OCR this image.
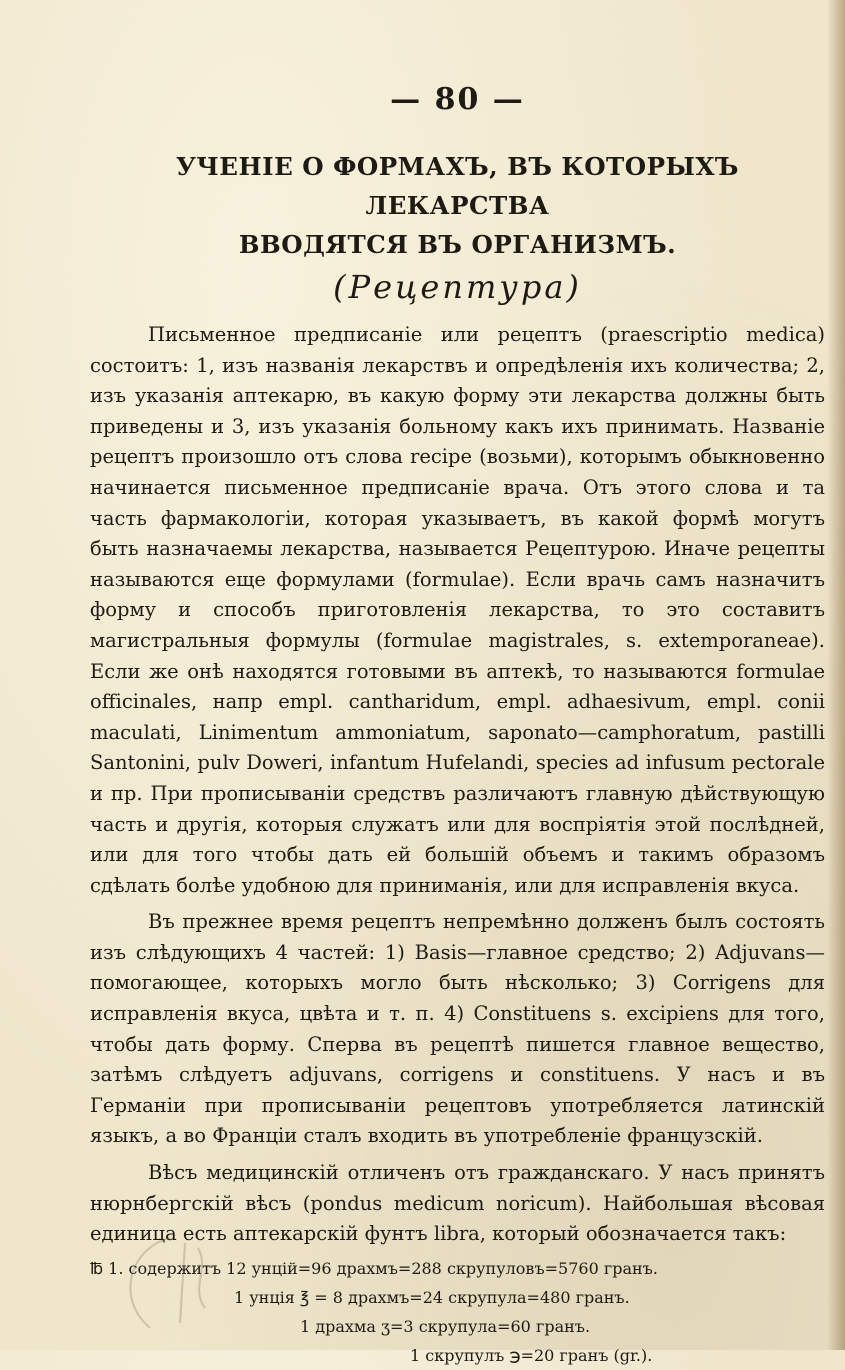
— 80 —
УЧЕНІЕ О ФОРМАХЪ, ВЪ КОТОРЫХЪ ЛЕКАРСТВА
ВВОДЯТСЯ ВЪ ОРГАНИЗМЪ.
(Рецептура)

Письменное предписаніе или рецептъ (praescriptio medica) состоитъ: 1, изъ названія лекарствъ и опредѣленія ихъ количества; 2, изъ указанія аптекарю, въ какую форму эти лекарства должны быть приведены и 3, изъ указанія больному какъ ихъ принимать. Названіе рецептъ произошло отъ слова recipe (возьми), которымъ обыкновенно начинается письменное предписаніе врача. Отъ этого слова и та часть фармакологіи, которая указываетъ, въ какой формѣ могутъ быть назначаемы лекарства, называется Рецептурою. Иначе рецепты называются еще формулами (formulae). Если врачь самъ назначитъ форму и способъ приготовленія лекарства, то это составитъ магистральныя формулы (formulae magistrales, s. extemporaneae). Если же онѣ находятся готовыми въ аптекѣ, то называются formulae officinales, напр empl. cantharidum, empl. adhaesivum, empl. conii maculati, Linimentum ammoniatum, saponato—camphoratum, pastilli Santonini, pulv Doweri, infantum Hufelandi, species ad infusum pectorale и пр. При прописываніи средствъ различаютъ главную дѣйствующую часть и другія, которыя служатъ или для воспріятія этой послѣдней, или для того чтобы дать ей большій объемъ и такимъ образомъ сдѣлать болѣе удобною для приниманія, или для исправленія вкуса.

Въ прежнее время рецептъ непремѣнно долженъ былъ состоять изъ слѣдующихъ 4 частей: 1) Basis—главное средство; 2) Adjuvans—помогающее, которыхъ могло быть нѣсколько; 3) Corrigens для исправленія вкуса, цвѣта и т. п. 4) Constituens s. excipiens для того, чтобы дать форму. Сперва въ рецептѣ пишется главное вещество, затѣмъ слѣдуетъ adjuvans, corrigens и constituens. У насъ и въ Германіи при прописываніи рецептовъ употребляется латинскій языкъ, а во Франціи сталъ входить въ употребленіе французскій.

Вѣсъ медицинскій отличенъ отъ гражданскаго. У насъ принятъ нюрнбергскій вѣсъ (pondus medicum noricum). Найбольшая вѣсовая единица есть аптекарскій фунтъ libra, который обозначается такъ:

℔ 1. содержитъ 12 унцій=96 драхмъ=288 скрупуловъ=5760 гранъ.
1 унція ℥ = 8 драхмъ=24 скрупула=480 гранъ.
1 драхма ʒ=3 скрупула=60 гранъ.
1 скрупулъ ℈=20 гранъ (gr.).
